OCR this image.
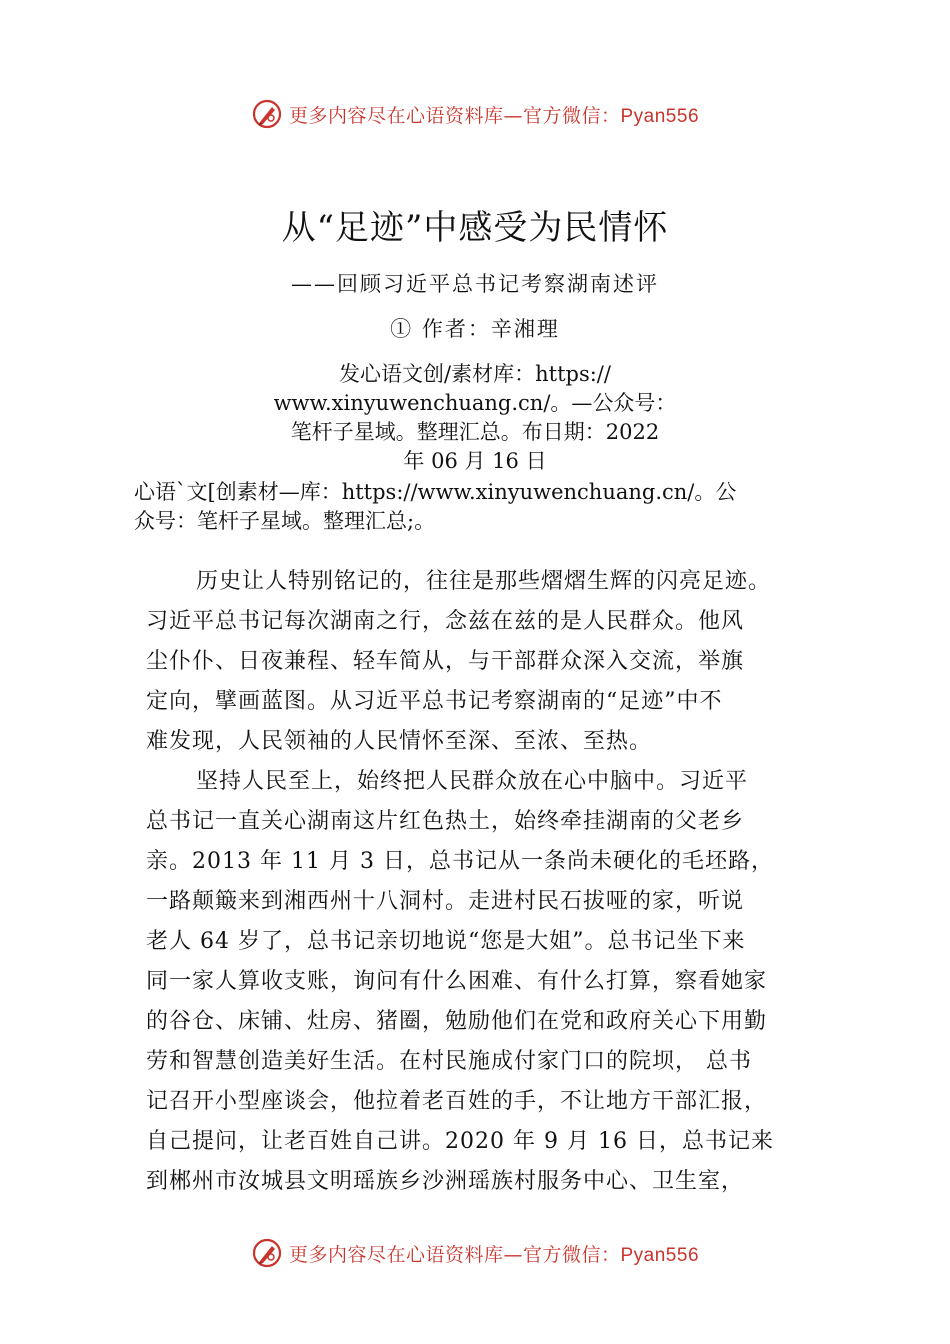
更多内容尽在心语资料库—官方微信：Pyan556
从“足迹”中感受为民情怀
——回顾习近平总书记考察湖南述评
① 作者：辛湘理
发心语文创/素材库：https://
www.xinyuwenchuang.cn/。—公众号：
笔杆子星域。整理汇总。布日期：2022
年 06 月 16 日
心语`文[创素材—库：https://www.xinyuwenchuang.cn/。公
众号：笔杆子星域。整理汇总;。

历史让人特别铭记的，往往是那些熠熠生辉的闪亮足迹。
习近平总书记每次湖南之行，念兹在兹的是人民群众。他风
尘仆仆、日夜兼程、轻车简从，与干部群众深入交流，举旗
定向，擘画蓝图。从习近平总书记考察湖南的“足迹”中不
难发现，人民领袖的人民情怀至深、至浓、至热。

坚持人民至上，始终把人民群众放在心中脑中。习近平
总书记一直关心湖南这片红色热土，始终牵挂湖南的父老乡
亲。2013 年 11 月 3 日，总书记从一条尚未硬化的毛坯路，
一路颠簸来到湘西州十八洞村。走进村民石拔哑的家，听说
老人 64 岁了，总书记亲切地说“您是大姐”。总书记坐下来
同一家人算收支账，询问有什么困难、有什么打算，察看她家
的谷仓、床铺、灶房、猪圈，勉励他们在党和政府关心下用勤
劳和智慧创造美好生活。在村民施成付家门口的院坝， 总书
记召开小型座谈会，他拉着老百姓的手，不让地方干部汇报，
自己提问，让老百姓自己讲。2020 年 9 月 16 日，总书记来
到郴州市汝城县文明瑶族乡沙洲瑶族村服务中心、卫生室，

更多内容尽在心语资料库—官方微信：Pyan556
